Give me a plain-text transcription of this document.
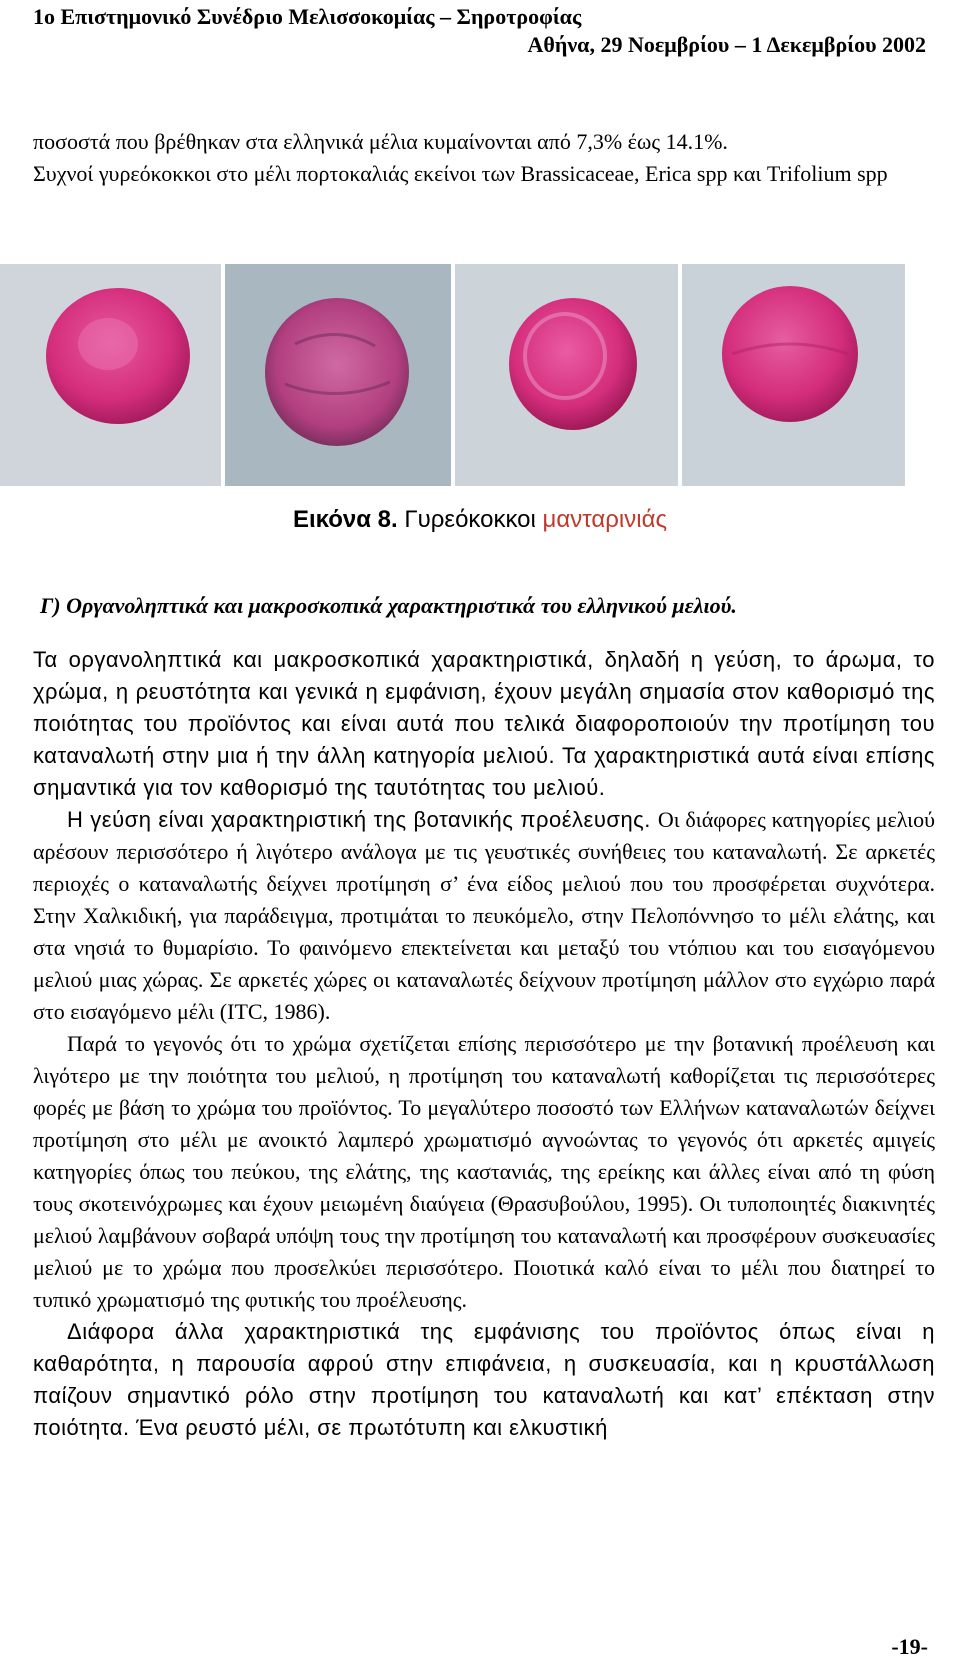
1ο Επιστημονικό Συνέδριο Μελισσοκομίας – Σηροτροφίας
Αθήνα, 29 Νοεμβρίου – 1 Δεκεμβρίου 2002

ποσοστά που βρέθηκαν στα ελληνικά μέλια κυμαίνονται από 7,3% έως 14.1%.

Συχνοί γυρεόκοκκοι στο μέλι πορτοκαλιάς εκείνοι των Brassicaceae, Erica spp και Trifolium spp

Εικόνα 8. Γυρεόκοκκοι μανταρινιάς
Γ) Οργανοληπτικά και μακροσκοπικά χαρακτηριστικά του ελληνικού μελιού.

Τα οργανοληπτικά και μακροσκοπικά χαρακτηριστικά, δηλαδή η γεύση, το άρωμα, το χρώμα, η ρευστότητα και γενικά η εμφάνιση, έχουν μεγάλη σημασία στον καθορισμό της ποιότητας του προϊόντος και είναι αυτά που τελικά διαφοροποιούν την προτίμηση του καταναλωτή στην μια ή την άλλη κατηγορία μελιού. Τα χαρακτηριστικά αυτά είναι επίσης σημαντικά για τον καθορισμό της ταυτότητας του μελιού.

Η γεύση είναι χαρακτηριστική της βοτανικής προέλευσης. Οι διάφορες κατηγορίες μελιού αρέσουν περισσότερο ή λιγότερο ανάλογα με τις γευστικές συνήθειες του καταναλωτή. Σε αρκετές περιοχές ο καταναλωτής δείχνει προτίμηση σ’ ένα είδος μελιού που του προσφέρεται συχνότερα. Στην Χαλκιδική, για παράδειγμα, προτιμάται το πευκόμελο, στην Πελοπόννησο το μέλι ελάτης, και στα νησιά το θυμαρίσιο. Το φαινόμενο επεκτείνεται και μεταξύ του ντόπιου και του εισαγόμενου μελιού μιας χώρας. Σε αρκετές χώρες οι καταναλωτές δείχνουν προτίμηση μάλλον στο εγχώριο παρά στο εισαγόμενο μέλι (ITC, 1986).

Παρά το γεγονός ότι το χρώμα σχετίζεται επίσης περισσότερο με την βοτανική προέλευση και λιγότερο με την ποιότητα του μελιού, η προτίμηση του καταναλωτή καθορίζεται τις περισσότερες φορές με βάση το χρώμα του προϊόντος. Το μεγαλύτερο ποσοστό των Ελλήνων καταναλωτών δείχνει προτίμηση στο μέλι με ανοικτό λαμπερό χρωματισμό αγνοώντας το γεγονός ότι αρκετές αμιγείς κατηγορίες όπως του πεύκου, της ελάτης, της καστανιάς, της ερείκης και άλλες είναι από τη φύση τους σκοτεινόχρωμες και έχουν μειωμένη διαύγεια (Θρασυβούλου, 1995). Οι τυποποιητές διακινητές μελιού λαμβάνουν σοβαρά υπόψη τους την προτίμηση του καταναλωτή και προσφέρουν συσκευασίες μελιού με το χρώμα που προσελκύει περισσότερο. Ποιοτικά καλό είναι το μέλι που διατηρεί το τυπικό χρωματισμό της φυτικής του προέλευσης.

Διάφορα άλλα χαρακτηριστικά της εμφάνισης του προϊόντος όπως είναι η καθαρότητα, η παρουσία αφρού στην επιφάνεια, η συσκευασία, και η κρυστάλλωση παίζουν σημαντικό ρόλο στην προτίμηση του καταναλωτή και κατ’ επέκταση στην ποιότητα. Ένα ρευστό μέλι, σε πρωτότυπη και ελκυστική

-19-
